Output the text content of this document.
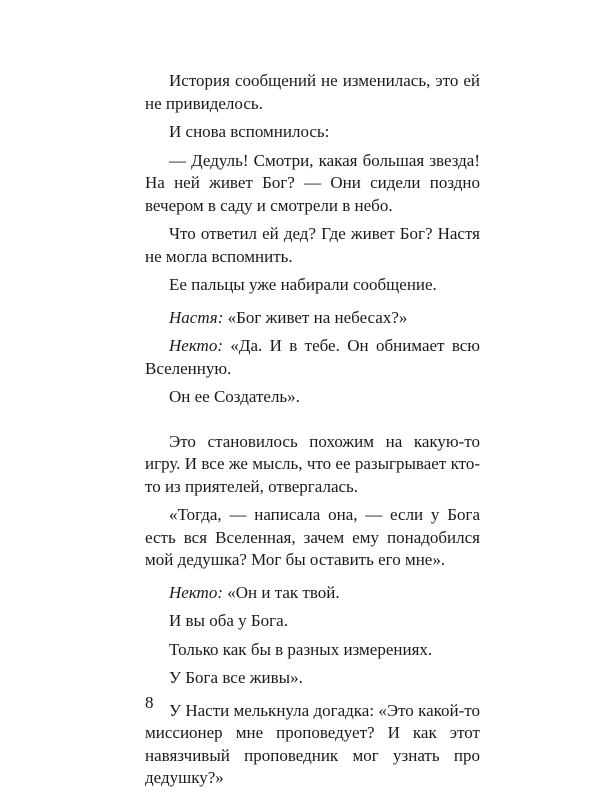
История сообщений не изменилась, это ей не привиделось.

И снова вспомнилось:

— Дедуль! Смотри, какая большая звезда! На ней живет Бог? — Они сидели поздно вечером в саду и смотрели в небо.

Что ответил ей дед? Где живет Бог? Настя не могла вспомнить.

Ее пальцы уже набирали сообщение.

Настя: «Бог живет на небесах?»

Некто: «Да. И в тебе. Он обнимает всю Вселенную.

Он ее Создатель».

Это становилось похожим на какую-то игру. И все же мысль, что ее разыгрывает кто-то из приятелей, отвергалась.

«Тогда, — написала она, — если у Бога есть вся Вселенная, зачем ему понадобился мой дедушка? Мог бы оставить его мне».

Некто: «Он и так твой.

И вы оба у Бога.

Только как бы в разных измерениях.

У Бога все живы».

У Насти мелькнула догадка: «Это какой-то миссионер мне проповедует? И как этот навязчивый проповедник мог узнать про дедушку?»

8
